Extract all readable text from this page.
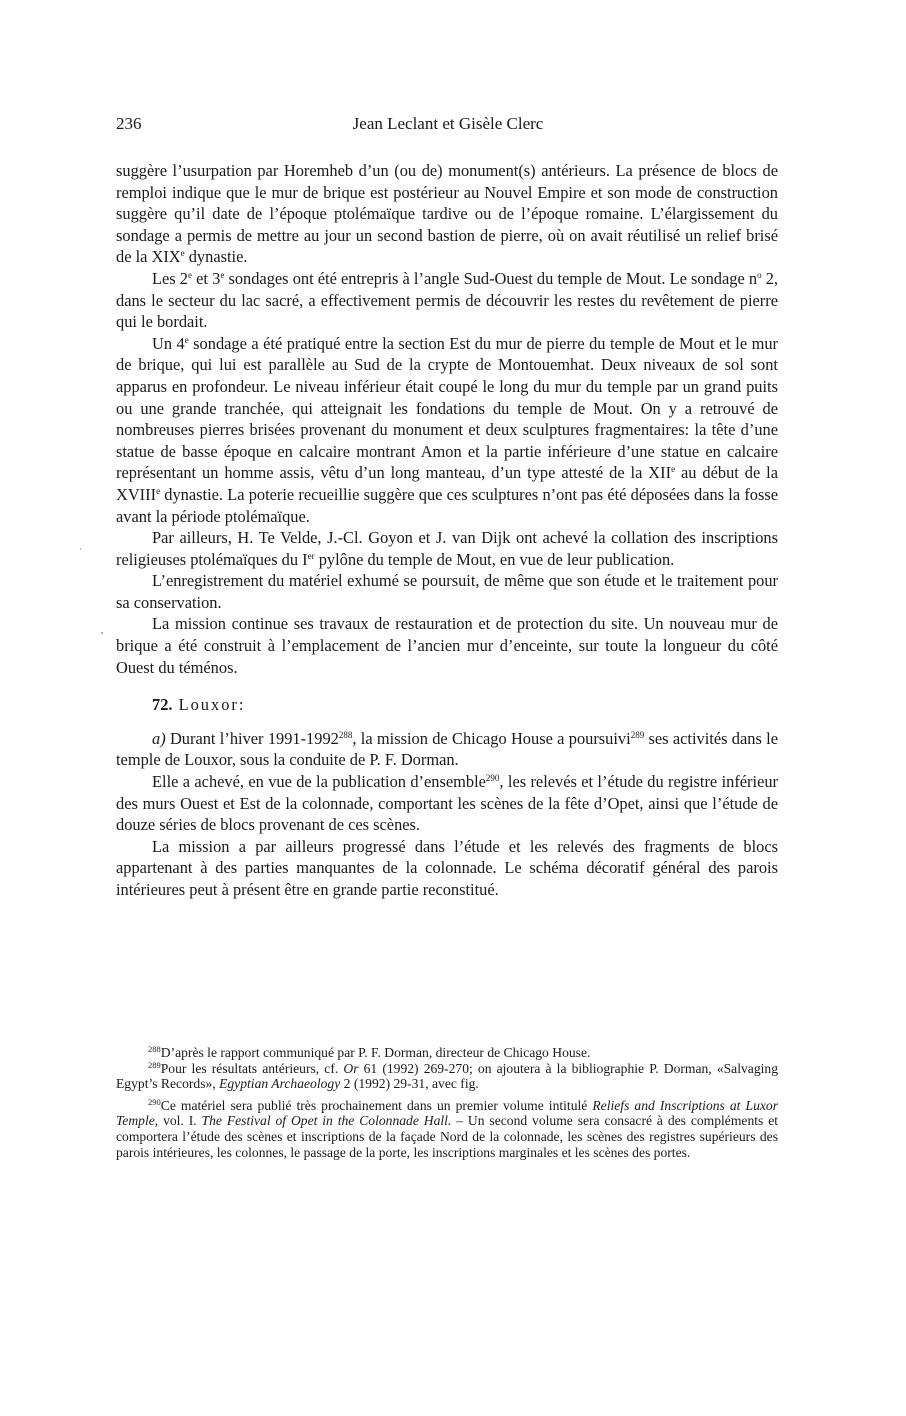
236	Jean Leclant et Gisèle Clerc

suggère l’usurpation par Horemheb d’un (ou de) monument(s) antérieurs. La présence de blocs de remploi indique que le mur de brique est postérieur au Nouvel Empire et son mode de construction suggère qu’il date de l’époque ptolémaïque tardive ou de l’époque romaine. L’élargissement du sondage a permis de mettre au jour un second bastion de pierre, où on avait réutilisé un relief brisé de la XIXe dynastie.

Les 2e et 3e sondages ont été entrepris à l’angle Sud-Ouest du temple de Mout. Le sondage $n^o$ 2, dans le secteur du lac sacré, a effectivement permis de découvrir les restes du revêtement de pierre qui le bordait.

Un 4e sondage a été pratiqué entre la section Est du mur de pierre du temple de Mout et le mur de brique, qui lui est parallèle au Sud de la crypte de Montouemhat. Deux niveaux de sol sont apparus en profondeur. Le niveau inférieur était coupé le long du mur du temple par un grand puits ou une grande tranchée, qui atteignait les fondations du temple de Mout. On y a retrouvé de nombreuses pierres brisées provenant du monument et deux sculptures fragmentaires: la tête d’une statue de basse époque en calcaire montrant Amon et la partie inférieure d’une statue en calcaire représentant un homme assis, vêtu d’un long manteau, d’un type attesté de la XIIe au début de la XVIIIe dynastie. La poterie recueillie suggère que ces sculptures n’ont pas été déposées dans la fosse avant la période ptolémaïque.

Par ailleurs, H. Te Velde, J.-Cl. Goyon et J. van Dijk ont achevé la collation des inscriptions religieuses ptolémaïques du Ier pylône du temple de Mout, en vue de leur publication.

L’enregistrement du matériel exhumé se poursuit, de même que son étude et le traitement pour sa conservation.

La mission continue ses travaux de restauration et de protection du site. Un nouveau mur de brique a été construit à l’emplacement de l’ancien mur d’enceinte, sur toute la longueur du côté Ouest du téménos.

72. Louxor:

a) Durant l’hiver 1991-1992$^{288}$, la mission de Chicago House a poursuivi$^{289}$ ses activités dans le temple de Louxor, sous la conduite de P. F. Dorman.

Elle a achevé, en vue de la publication d’ensemble$^{290}$, les relevés et l’étude du registre inférieur des murs Ouest et Est de la colonnade, comportant les scènes de la fête d’Opet, ainsi que l’étude de douze séries de blocs provenant de ces scènes.

La mission a par ailleurs progressé dans l’étude et les relevés des fragments de blocs appartenant à des parties manquantes de la colonnade. Le schéma décoratif général des parois intérieures peut à présent être en grande partie reconstitué.

$^{288}$D’après le rapport communiqué par P. F. Dorman, directeur de Chicago House.

$^{289}$Pour les résultats antérieurs, cf. Or 61 (1992) 269-270; on ajoutera à la bibliographie P. Dorman, «Salvaging Egypt’s Records», Egyptian Archaeology 2 (1992) 29-31, avec fig.

$^{290}$Ce matériel sera publié très prochainement dans un premier volume intitulé Reliefs and Inscriptions at Luxor Temple, vol. I. The Festival of Opet in the Colonnade Hall. – Un second volume sera consacré à des compléments et comportera l’étude des scènes et inscriptions de la façade Nord de la colonnade, les scènes des registres supérieurs des parois intérieures, les colonnes, le passage de la porte, les inscriptions marginales et les scènes des portes.
